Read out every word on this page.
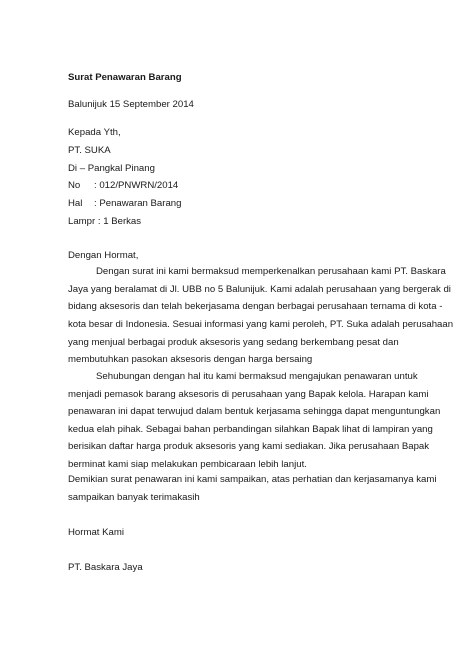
Surat Penawaran Barang
Balunijuk 15 September 2014
Kepada Yth,
PT. SUKA
Di – Pangkal Pinang
No : 012/PNWRN/2014
Hal : Penawaran Barang
Lampr : 1 Berkas
Dengan Hormat,
Dengan surat ini kami bermaksud memperkenalkan perusahaan kami PT. Baskara
Jaya yang beralamat di Jl. UBB no 5 Balunijuk. Kami adalah perusahaan yang bergerak di
bidang aksesoris dan telah bekerjasama dengan berbagai perusahaan ternama di kota -
kota besar di Indonesia. Sesuai informasi yang kami peroleh, PT. Suka adalah perusahaan
yang menjual berbagai produk aksesoris yang sedang berkembang pesat dan
membutuhkan pasokan aksesoris dengan harga bersaing
Sehubungan dengan hal itu kami bermaksud mengajukan penawaran untuk
menjadi pemasok barang aksesoris di perusahaan yang Bapak kelola. Harapan kami
penawaran ini dapat terwujud dalam bentuk kerjasama sehingga dapat menguntungkan
kedua elah pihak. Sebagai bahan perbandingan silahkan Bapak lihat di lampiran yang
berisikan daftar harga produk aksesoris yang kami sediakan. Jika perusahaan Bapak
berminat kami siap melakukan pembicaraan lebih lanjut.
Demikian surat penawaran ini kami sampaikan, atas perhatian dan kerjasamanya kami
sampaikan banyak terimakasih
Hormat Kami
PT. Baskara Jaya
